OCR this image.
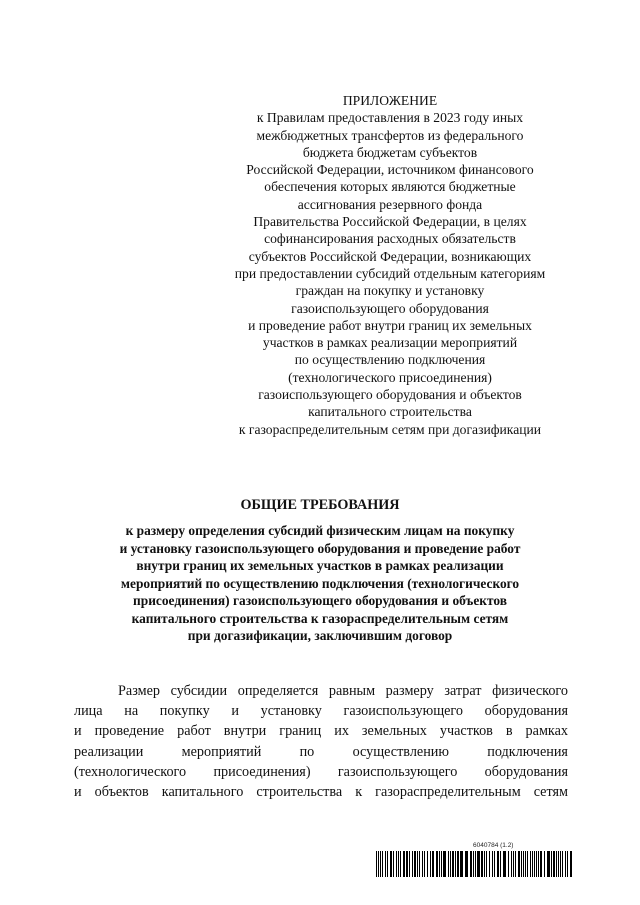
ПРИЛОЖЕНИЕ
к Правилам предоставления в 2023 году иных
межбюджетных трансфертов из федерального
бюджета бюджетам субъектов
Российской Федерации, источником финансового
обеспечения которых являются бюджетные
ассигнования резервного фонда
Правительства Российской Федерации, в целях
софинансирования расходных обязательств
субъектов Российской Федерации, возникающих
при предоставлении субсидий отдельным категориям
граждан на покупку и установку
газоиспользующего оборудования
и проведение работ внутри границ их земельных
участков в рамках реализации мероприятий
по осуществлению подключения
(технологического присоединения)
газоиспользующего оборудования и объектов
капитального строительства
к газораспределительным сетям при догазификации
ОБЩИЕ ТРЕБОВАНИЯ
к размеру определения субсидий физическим лицам на покупку
и установку газоиспользующего оборудования и проведение работ
внутри границ их земельных участков в рамках реализации
мероприятий по осуществлению подключения (технологического
присоединения) газоиспользующего оборудования и объектов
капитального строительства к газораспределительным сетям
при догазификации, заключившим договор
Размер субсидии определяется равным размеру затрат физического
лица на покупку и установку газоиспользующего оборудования
и проведение работ внутри границ их земельных участков в рамках
реализации	мероприятий	по	осуществлению	подключения
(технологического присоединения) газоиспользующего оборудования
и объектов капитального строительства к газораспределительным сетям
6040784 (1.2)
